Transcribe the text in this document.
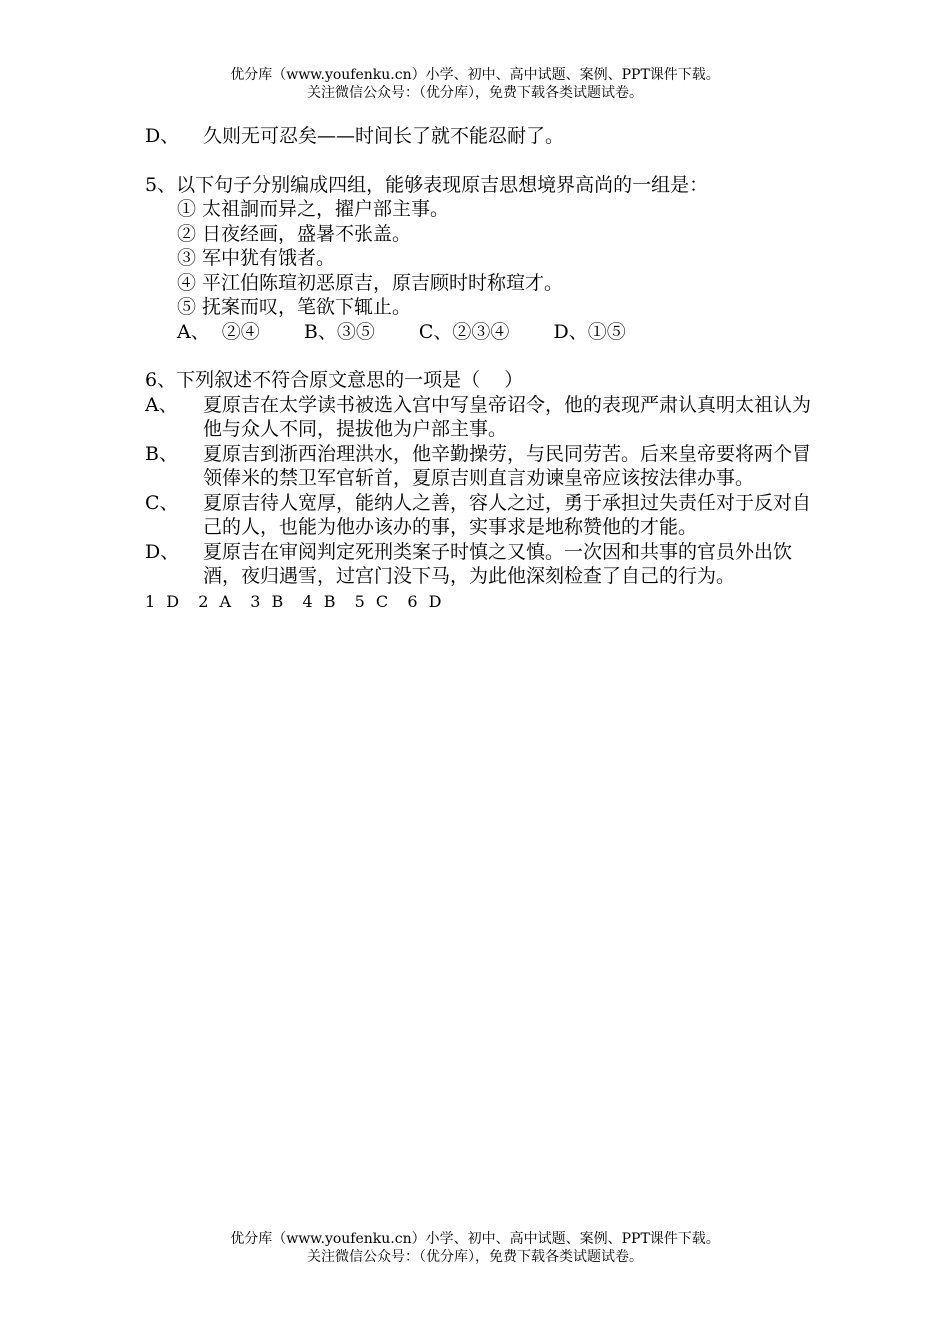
优分库（www.youfenku.cn）小学、初中、高中试题、案例、PPT课件下载。
关注微信公众号：（优分库），免费下载各类试题试卷。
D、 久则无可忍矣——时间长了就不能忍耐了。
5、以下句子分别编成四组，能够表现原吉思想境界高尚的一组是：
① 太祖詗而异之，擢户部主事。
② 日夜经画，盛暑不张盖。
③ 军中犹有饿者。
④ 平江伯陈瑄初恶原吉，原吉顾时时称瑄才。
⑤ 抚案而叹，笔欲下辄止。
A、  ②④ B、③⑤ C、②③④ D、①⑤
6、下列叙述不符合原文意思的一项是（    ）
A、 夏原吉在太学读书被选入宫中写皇帝诏令，他的表现严肃认真明太祖认为他与众人不同，提拔他为户部主事。
B、 夏原吉到浙西治理洪水，他辛勤操劳，与民同劳苦。后来皇帝要将两个冒领俸米的禁卫军官斩首，夏原吉则直言劝谏皇帝应该按法律办事。
C、 夏原吉待人宽厚，能纳人之善，容人之过，勇于承担过失责任对于反对自己的人，也能为他办该办的事，实事求是地称赞他的才能。
D、 夏原吉在审阅判定死刑类案子时慎之又慎。一次因和共事的官员外出饮酒，夜归遇雪，过宫门没下马，为此他深刻检查了自己的行为。
1 D  2 A  3 B  4 B  5 C  6 D
优分库（www.youfenku.cn）小学、初中、高中试题、案例、PPT课件下载。
关注微信公众号：（优分库），免费下载各类试题试卷。
